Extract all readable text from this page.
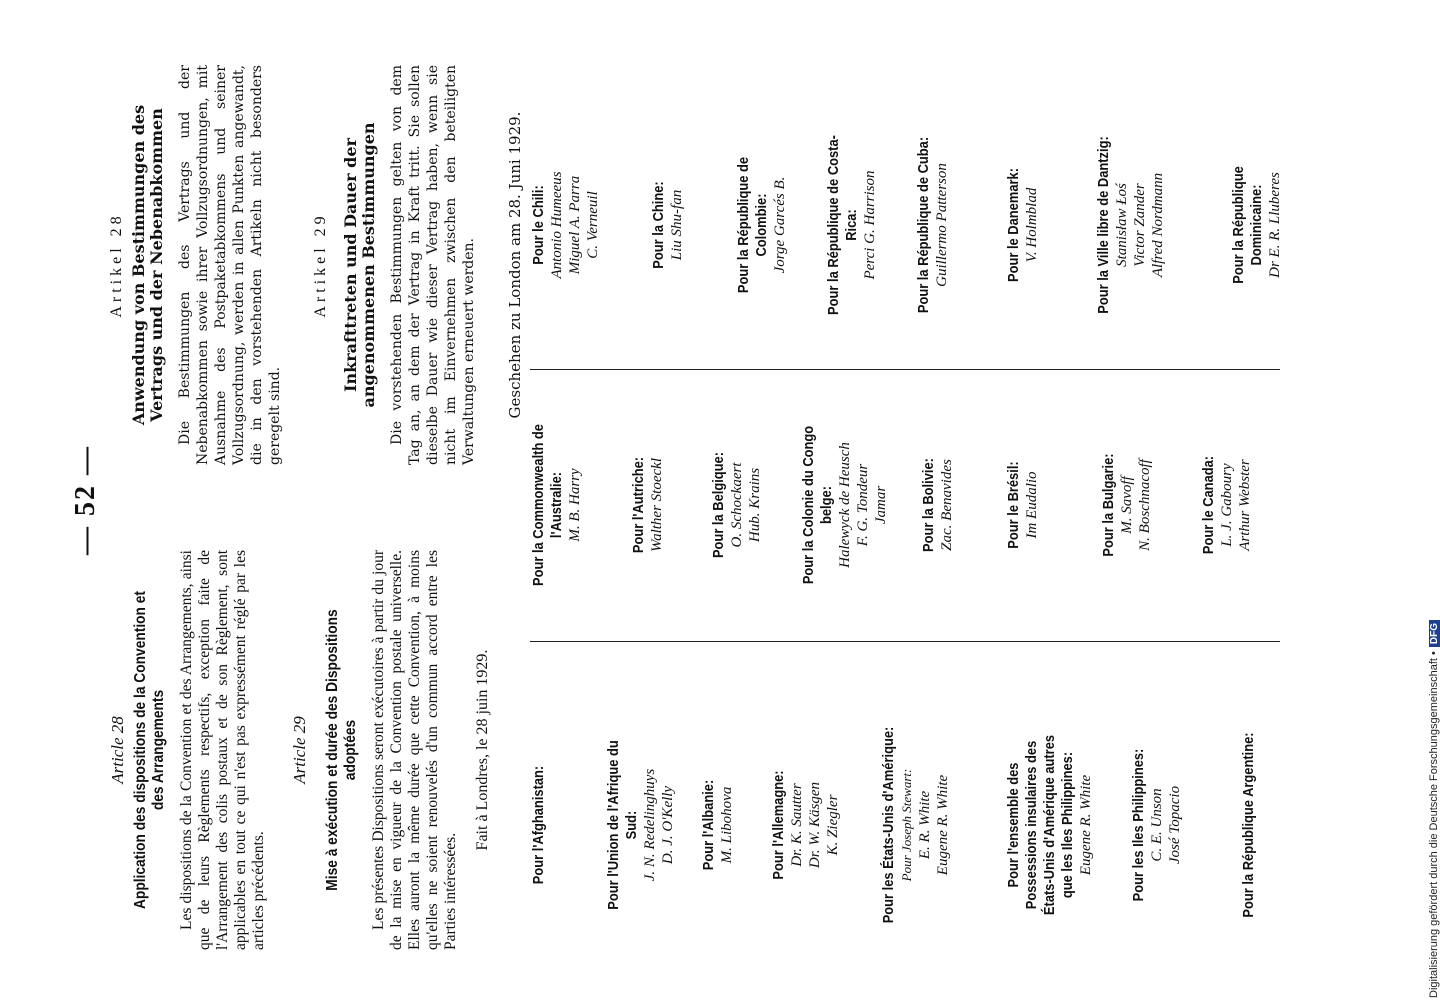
— 52 —
Article 28 Application des dispositions de la Convention et des Arrangements Les dispositions de la Convention et des Arrangements, ainsi que de leurs Règlements respectifs, exception faite de l'Arrangement des colis postaux et de son Règlement, sont applicables en tout ce qui n'est pas expressément réglé par les articles précédents.
Article 29 Mise à exécution et durée des Dispositions adoptées Les présentes Dispositions seront exécutoires à partir du jour de la mise en vigueur de la Convention postale universelle. Elles auront la même durée que cette Convention, à moins qu'elles ne soient renouvelés d'un commun accord entre les Parties intéressées.
Fait à Londres, le 28 juin 1929.
Artikel 28 Anwendung von Bestimmungen des Vertrags und der Nebenabkommen Die Bestimmungen des Vertrags und der Nebenabkommen sowie ihrer Vollzugsordnungen, mit Ausnahme des Postpaketabkommens und seiner Vollzugsordnung, werden in allen Punkten angewandt, die in den vorstehenden Artikeln nicht besonders geregelt sind.
Artikel 29 Inkrafttreten und Dauer der angenommenen Bestimmungen Die vorstehenden Bestimmungen gelten von dem Tag an, an dem der Vertrag in Kraft tritt. Sie sollen dieselbe Dauer wie dieser Vertrag haben, wenn sie nicht im Einvernehmen zwischen den beteiligten Verwaltungen erneuert werden. Geschehen zu London am 28. Juni 1929.
Pour l'Afghanistan:	Pour l'Union de l'Afrique du Sud: J. N. Redelinghuys D. J. O'Kelly Pour l'Albanie: M. Libohova Pour l'Allemagne: Dr. K. Sautter Dr. W. Käsgen K. Ziegler	Pour les États-Unis d'Amérique: Pour Joseph Stewart: E. R. White Eugene R. White	Pour l'ensemble des Possessions insulaires des États-Unis d'Amérique autres que les Iles Philippines: Eugene R. White Pour les Iles Philippines: C. E. Unson José Topacio	Pour la République Argentine:
Pour la Commonwealth de l'Australie: M. B. Harry	Pour l'Autriche: Walther Stoeckl	Pour la Belgique: O. Schockaert Hub. Krains Pour la Colonie du Congo belge: Halewyck de Heusch F. G. Tondeur Jamar Pour la Bolivie: Zac. Benavides	Pour le Brésil: Im Eudalio	Pour la Bulgarie: M. Savoff N. Boschnacoff	Pour le Canada: L. J. Gaboury Arthur Webster
Pour le Chili: Antonio Humeeus Miguel A. Parra C. Verneuil	Pour la Chine: Liu Shu-fan	Pour la République de Colombie: Jorge Garcés B. Pour la République de Costa-Rica: Perci G. Harrison Pour la République de Cuba: Guillermo Patterson	Pour le Danemark: V. Holmblad	Pour la Ville libre de Dantzig: Stanisław Łoś Victor Zander Alfred Nordmann	Pour la République Dominicaine: Dr E. R. Lluberes
Digitalisierung gefördert durch die Deutsche Forschungsgemeinschaft •DFG
